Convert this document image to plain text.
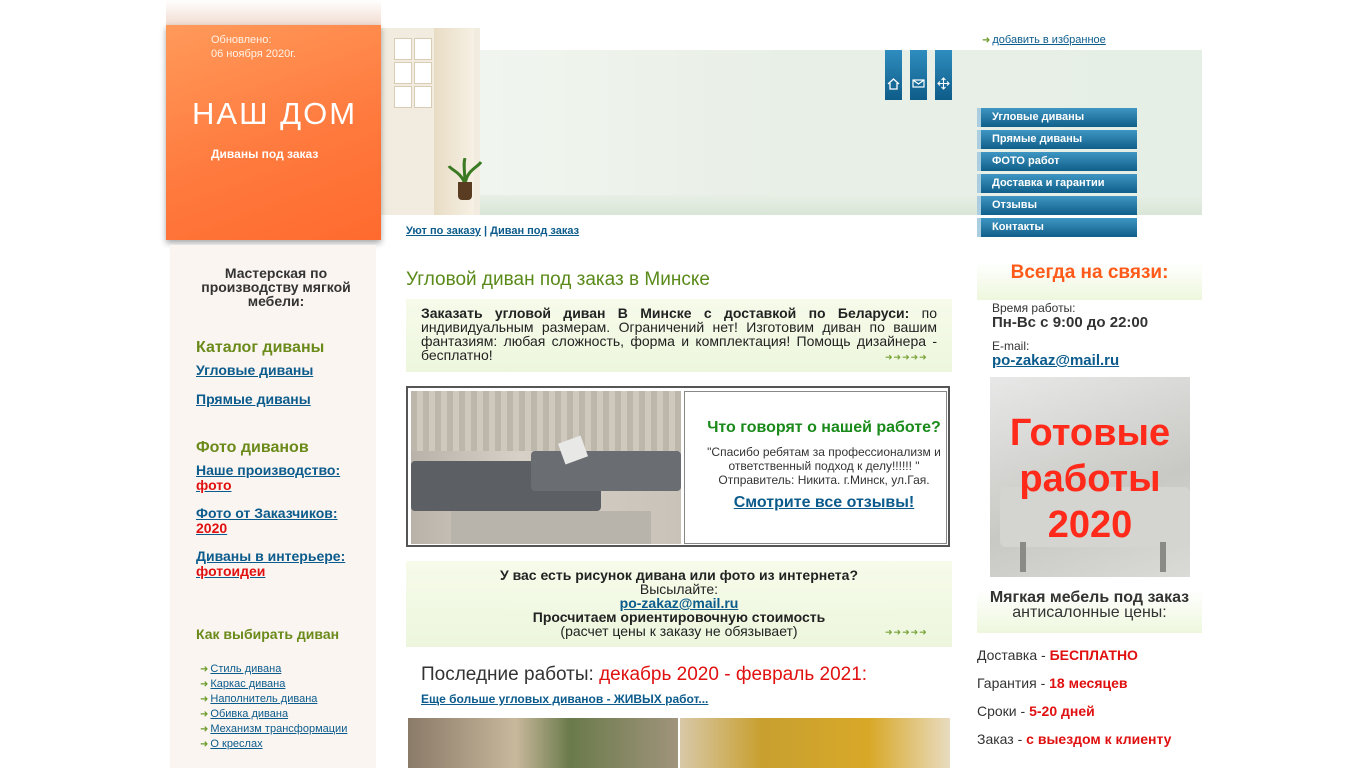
Обновлено:
06 ноября 2020г.
НАШ ДОМ
Диваны под заказ
➜ добавить в избранное
Угловые диваны
Прямые диваны
ФОТО работ
Доставка и гарантии
Отзывы
Контакты
Уют по заказу | Диван под заказ
Мастерская по производству мягкой мебели:
Каталог диваны
Угловые диваны
Прямые диваны
Фото диванов
Наше производство:
фото
Фото от Заказчиков:
2020
Диваны в интерьере:
фотоидеи
Как выбирать диван
➜ Стиль дивана
➜ Каркас дивана
➜ Наполнитель дивана
➜ Обивка дивана
➜ Механизм трансформации
➜ О креслах
Угловой диван под заказ в Минске
Заказать угловой диван В Минске с доставкой по Беларуси: по индивидуальным размерам. Ограничений нет! Изготовим диван по вашим фантазиям: любая сложность, форма и комплектация! Помощь дизайнера - бесплатно!	➜➜➜➜➜
Что говорят о нашей работе?
"Спасибо ребятам за профессионализм и ответственный подход к делу!!!!!! "
Отправитель: Никита. г.Минск, ул.Гая.
Смотрите все отзывы!
У вас есть рисунок дивана или фото из интернета?
Высылайте:
po-zakaz@mail.ru
Просчитаем ориентировочную стоимость
(расчет цены к заказу не обязывает)	➜➜➜➜➜
Последние работы: декабрь 2020 - февраль 2021:
Еще больше угловых диванов - ЖИВЫХ работ...
Всегда на связи:
Время работы:
Пн-Вс с 9:00 до 22:00
E-mail:
po-zakaz@mail.ru
Готовые работы 2020
Мягкая мебель под заказ
антисалонные цены:
Доставка - БЕСПЛАТНО
Гарантия - 18 месяцев
Сроки - 5-20 дней
Заказ - с выездом к клиенту
